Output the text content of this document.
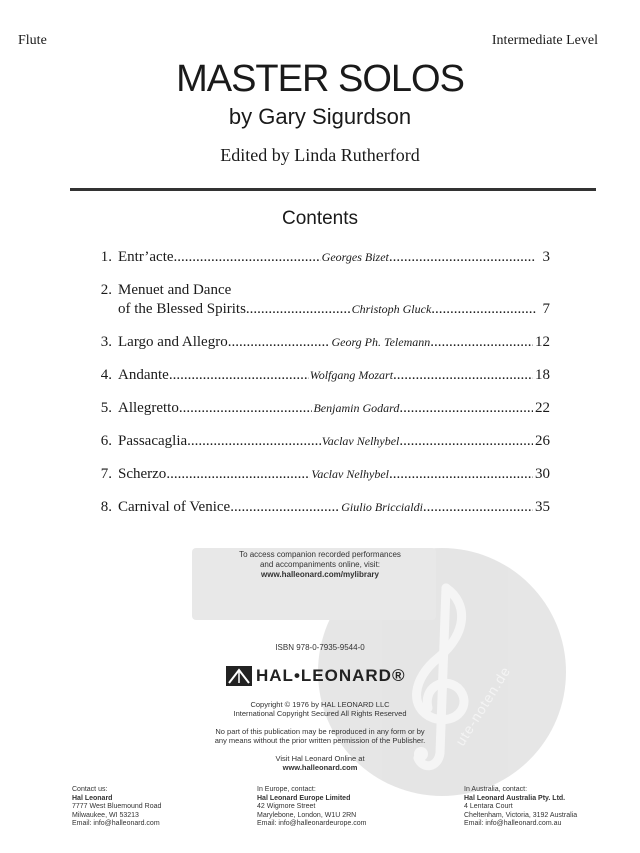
Flute	Intermediate Level
MASTER SOLOS
by Gary Sigurdson
Edited by Linda Rutherford
Contents
1. Entr’acte .....	Georges Bizet .....	3
2. Menuet and Dance
of the Blessed Spirits .....	Christoph Gluck .....	7
3. Largo and Allegro .....	Georg Ph. Telemann .....	12
4. Andante .....	Wolfgang Mozart .....	18
5. Allegretto .....	Benjamin Godard .....	22
6. Passacaglia .....	Vaclav Nelhybel .....	26
7. Scherzo .....	Vaclav Nelhybel .....	30
8. Carnival of Venice .....	Giulio Briccialdi .....	35
ute-noten.de
To access companion recorded performances
and accompaniments online, visit:
www.halleonard.com/mylibrary
ISBN 978-0-7935-9544-0
HAL•LEONARD®
Copyright © 1976 by HAL LEONARD LLC
International Copyright Secured All Rights Reserved
No part of this publication may be reproduced in any form or by
any means without the prior written permission of the Publisher.
Visit Hal Leonard Online at
www.halleonard.com
Contact us:
Hal Leonard
7777 West Bluemound Road
Milwaukee, WI 53213
Email: info@halleonard.com
In Europe, contact:
Hal Leonard Europe Limited
42 Wigmore Street
Marylebone, London, W1U 2RN
Email: info@halleonardeurope.com
In Australia, contact:
Hal Leonard Australia Pty. Ltd.
4 Lentara Court
Cheltenham, Victoria, 3192 Australia
Email: info@halleonard.com.au
